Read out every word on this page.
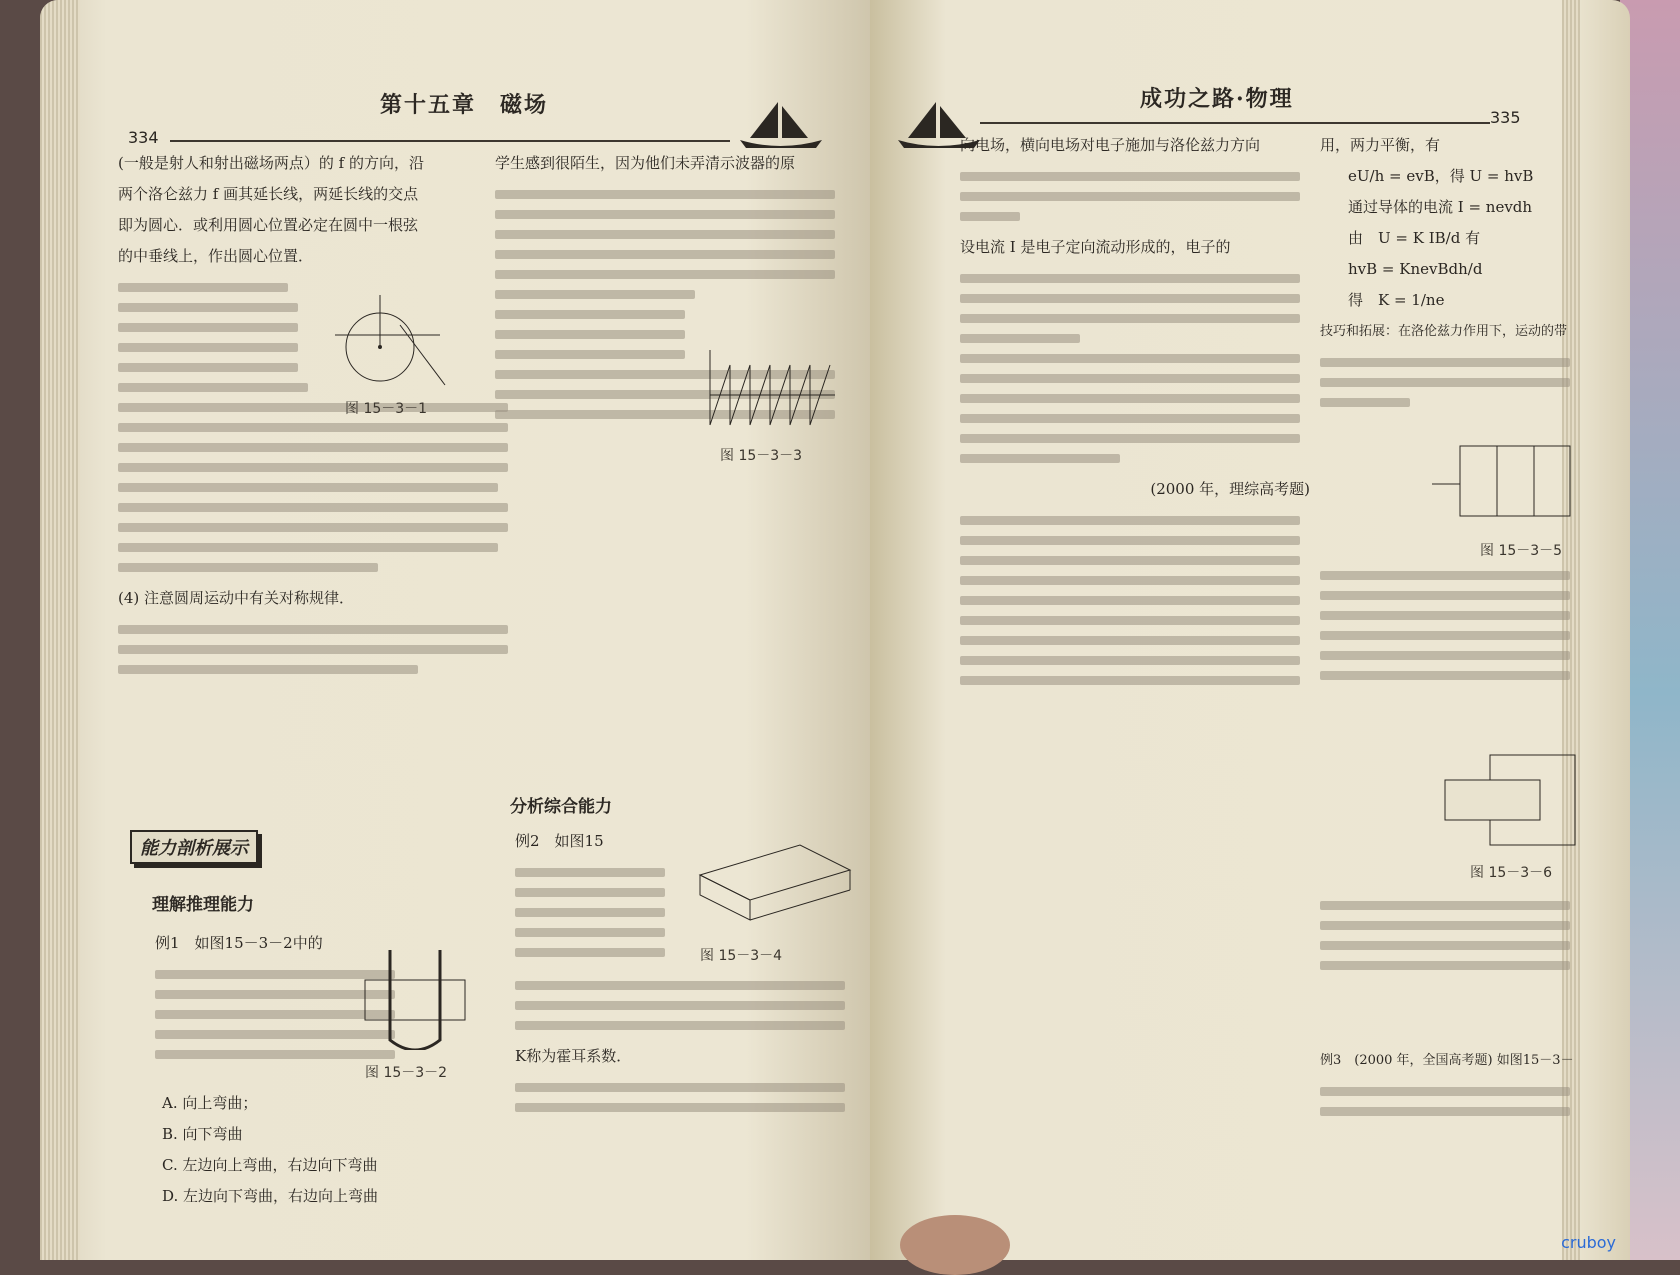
第十五章　磁场
334

(一般是射人和射出磁场两点）的 f 的方向，沿

两个洛仑兹力 f 画其延长线，两延长线的交点

即为圆心．或利用圆心位置必定在圆中一根弦

的中垂线上，作出圆心位置．

(4) 注意圆周运动中有关对称规律．

图 15－3－1
能力剖析展示
理解推理能力

例1　如图15－3－2中的

图 15－3－2

A. 向上弯曲；

B. 向下弯曲

C. 左边向上弯曲，右边向下弯曲

D. 左边向下弯曲，右边向上弯曲

学生感到很陌生，因为他们未弄清示波器的原

图 15－3－3
分析综合能力

例2　如图15

图 15－3－4

K称为霍耳系数．

成功之路·物理
335

向电场，横向电场对电子施加与洛伦兹力方向

设电流 I 是电子定向流动形成的，电子的

(2000 年，理综高考题)

用，两力平衡，有

eU/h = evB，得 U = hvB

通过导体的电流 I = nevdh

由　U = K IB/d 有

hvB = KnevBdh/d

得　K = 1/ne

技巧和拓展：在洛伦兹力作用下，运动的带

图 15－3－5
图 15－3－6

例3　(2000 年，全国高考题) 如图15－3－

cruboy
